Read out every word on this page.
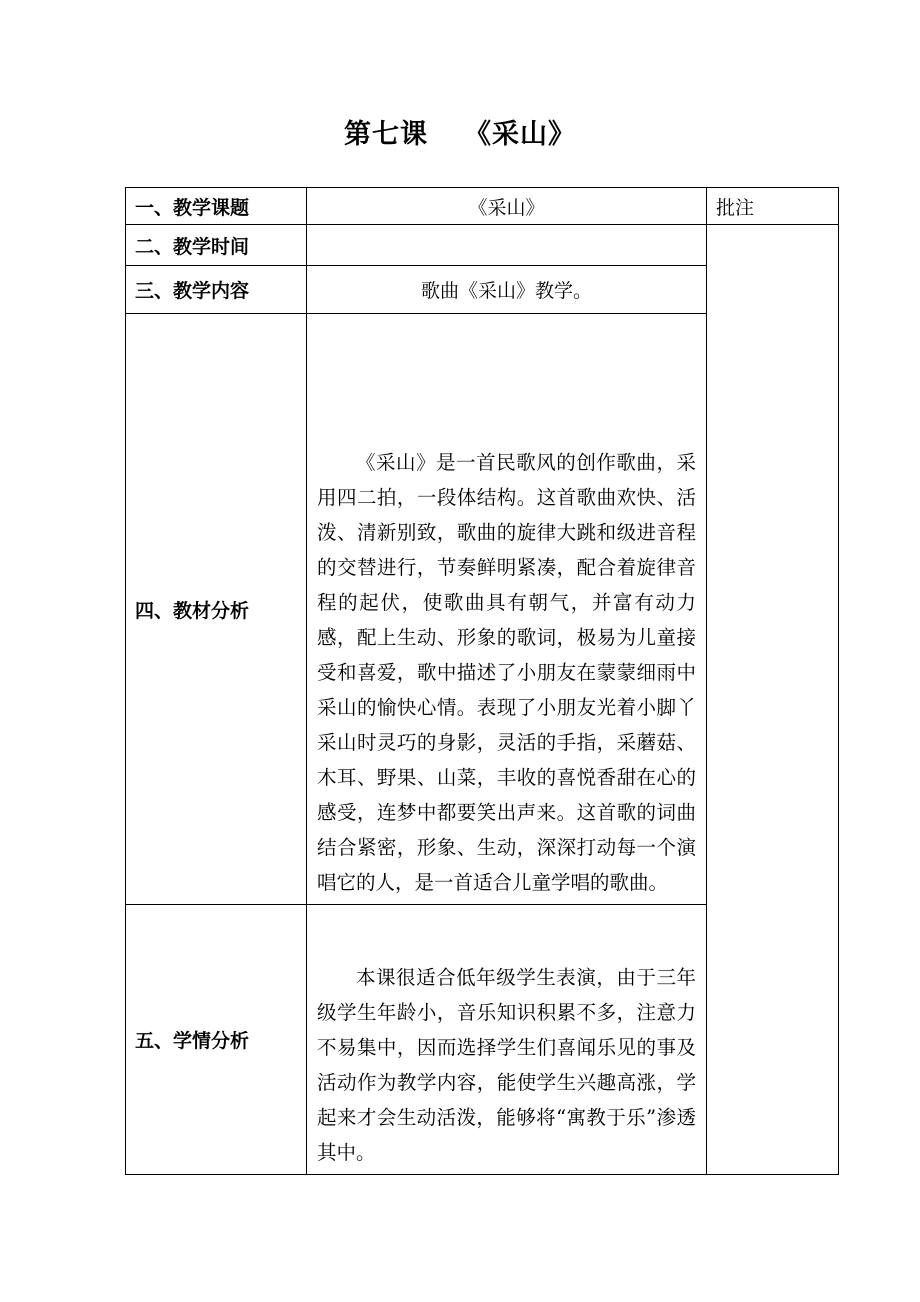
第七课 《采山》
一、教学课题	《采山》	批注
二、教学时间		
三、教学内容	歌曲《采山》教学。	
四、教材分析	《采山》是一首民歌风的创作歌曲，采用四二拍，一段体结构。这首歌曲欢快、活泼、清新别致，歌曲的旋律大跳和级进音程的交替进行，节奏鲜明紧凑，配合着旋律音程的起伏，使歌曲具有朝气，并富有动力感，配上生动、形象的歌词，极易为儿童接受和喜爱，歌中描述了小朋友在蒙蒙细雨中采山的愉快心情。表现了小朋友光着小脚丫采山时灵巧的身影，灵活的手指，采蘑菇、木耳、野果、山菜，丰收的喜悦香甜在心的感受，连梦中都要笑出声来。这首歌的词曲结合紧密，形象、生动，深深打动每一个演唱它的人，是一首适合儿童学唱的歌曲。	

五、学情分析	本课很适合低年级学生表演，由于三年级学生年龄小，音乐知识积累不多，注意力不易集中，因而选择学生们喜闻乐见的事及活动作为教学内容，能使学生兴趣高涨，学起来才会生动活泼，能够将“寓教于乐”渗透其中。	
